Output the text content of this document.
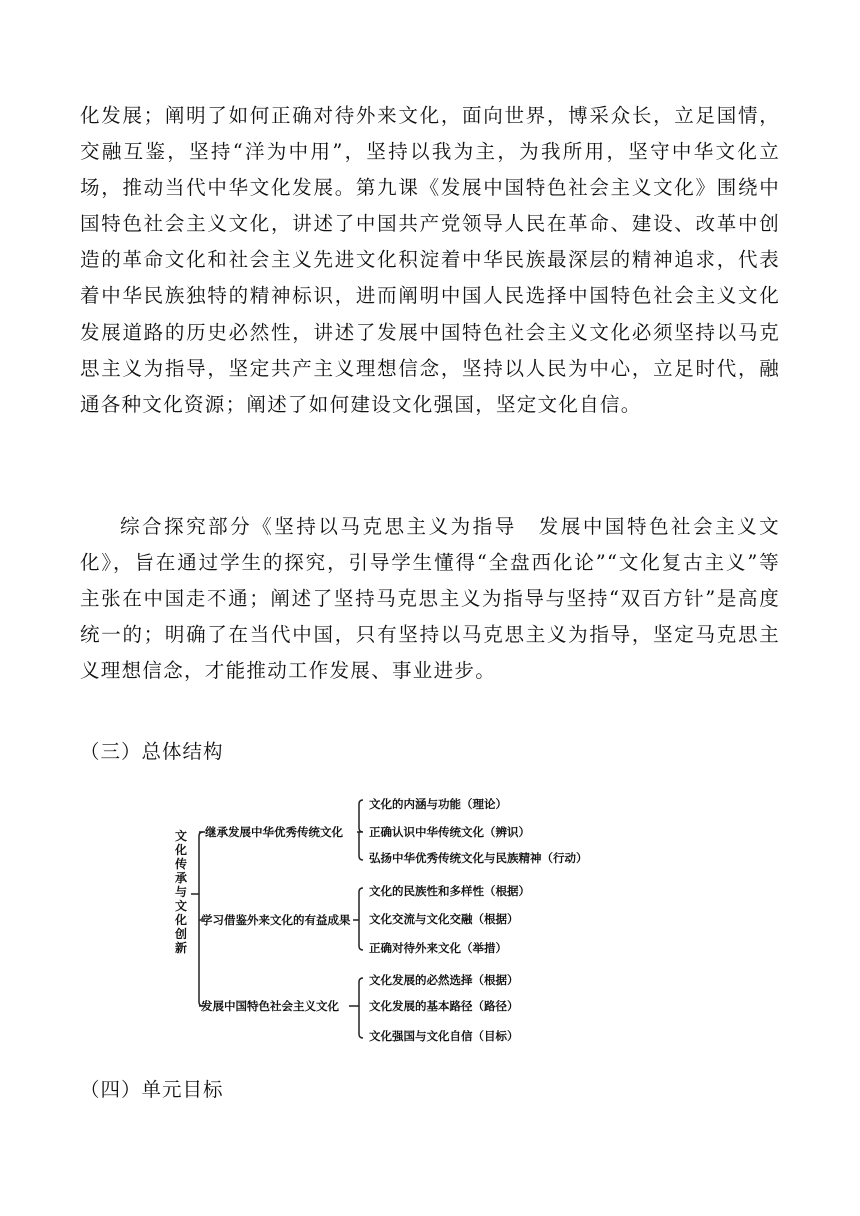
化发展；阐明了如何正确对待外来文化，面向世界，博采众长，立足国情，交融互鉴，坚持“洋为中用”，坚持以我为主，为我所用，坚守中华文化立场，推动当代中华文化发展。第九课《发展中国特色社会主义文化》围绕中国特色社会主义文化，讲述了中国共产党领导人民在革命、建设、改革中创造的革命文化和社会主义先进文化积淀着中华民族最深层的精神追求，代表着中华民族独特的精神标识，进而阐明中国人民选择中国特色社会主义文化发展道路的历史必然性，讲述了发展中国特色社会主义文化必须坚持以马克思主义为指导，坚定共产主义理想信念，坚持以人民为中心，立足时代，融通各种文化资源；阐述了如何建设文化强国，坚定文化自信。

综合探究部分《坚持以马克思主义为指导　发展中国特色社会主义文化》，旨在通过学生的探究，引导学生懂得“全盘西化论”“文化复古主义”等主张在中国走不通；阐述了坚持马克思主义为指导与坚持“双百方针”是高度统一的；明确了在当代中国，只有坚持以马克思主义为指导，坚定马克思主义理想信念，才能推动工作发展、事业进步。

（三）总体结构

文
化
传
承
与
文
化
创
新
继承发展中华优秀传统文化
学习借鉴外来文化的有益成果
发展中国特色社会主义文化
文化的内涵与功能（理论）
正确认识中华传统文化（辨识）
弘扬中华优秀传统文化与民族精神（行动）
文化的民族性和多样性（根据）
文化交流与文化交融（根据）
正确对待外来文化（举措）
文化发展的必然选择（根据）
文化发展的基本路径（路径）
文化强国与文化自信（目标）

（四）单元目标
